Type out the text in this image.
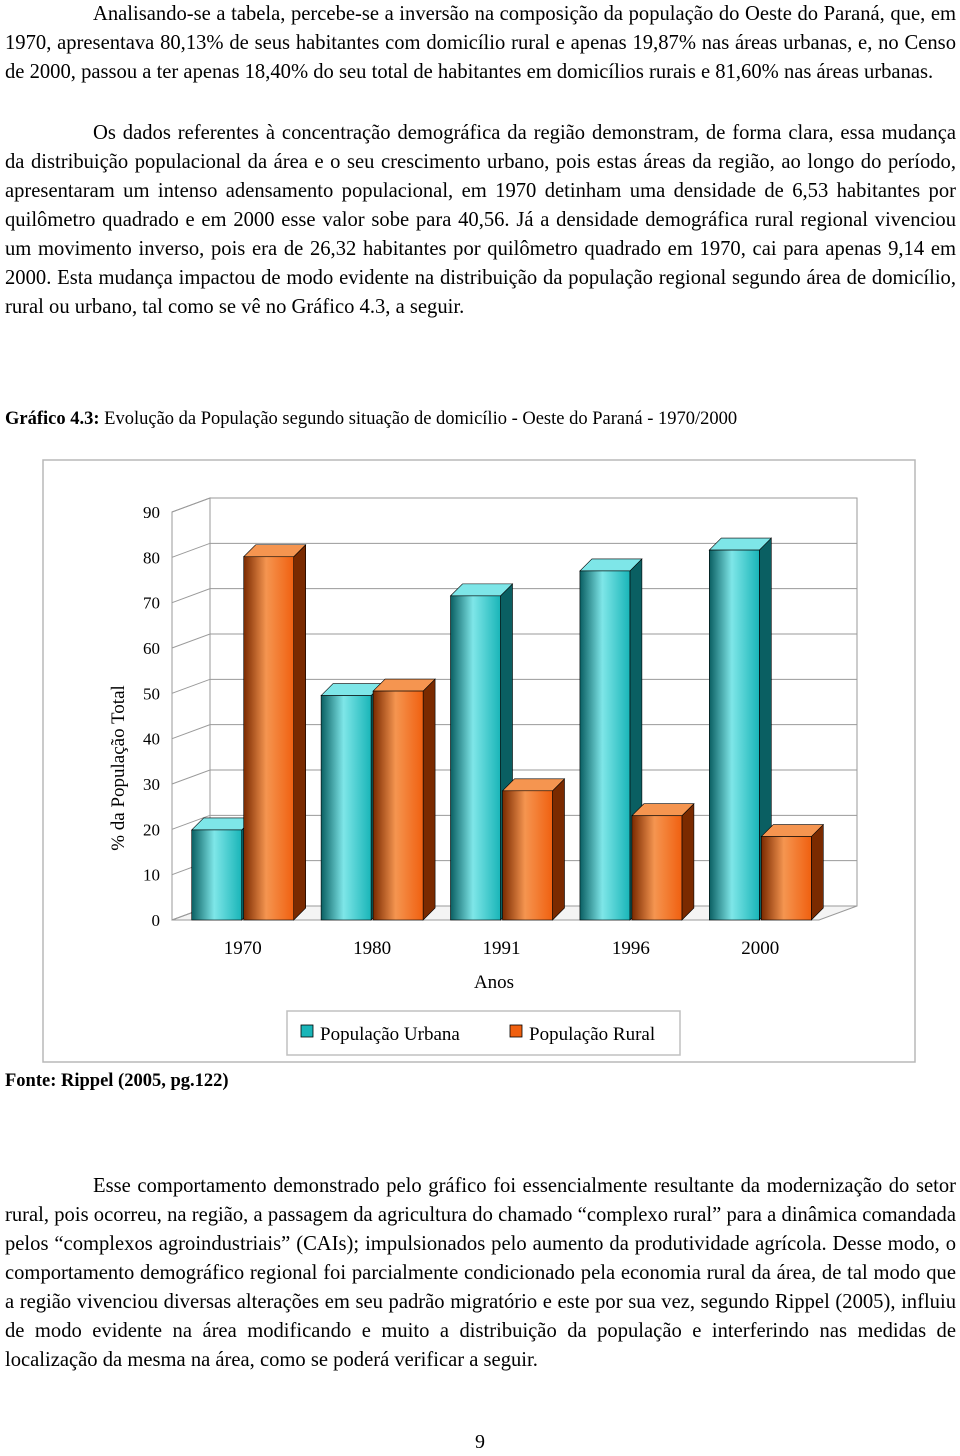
Analisando-se a tabela, percebe-se a inversão na composição da população do Oeste do Paraná, que, em 1970, apresentava 80,13% de seus habitantes com domicílio rural e apenas 19,87% nas áreas urbanas, e, no Censo de 2000, passou a ter apenas 18,40% do seu total de habitantes em domicílios rurais e 81,60% nas áreas urbanas.

Os dados referentes à concentração demográfica da região demonstram, de forma clara, essa mudança da distribuição populacional da área e o seu crescimento urbano, pois estas áreas da região, ao longo do período, apresentaram um intenso adensamento populacional, em 1970 detinham uma densidade de 6,53 habitantes por quilômetro quadrado e em 2000 esse valor sobe para 40,56. Já a densidade demográfica rural regional vivenciou um movimento inverso, pois era de 26,32 habitantes por quilômetro quadrado em 1970, cai para apenas 9,14 em 2000. Esta mudança impactou de modo evidente na distribuição da população regional segundo área de domicílio, rural ou urbano, tal como se vê no Gráfico 4.3, a seguir.

Gráfico 4.3: Evolução da População segundo situação de domicílio - Oeste do Paraná - 1970/2000
0
10
20
30
40
50
60
70
80
90
1970	1980	1991	1996	2000
% da População Total
Anos
População Urbana	População Rural
Fonte: Rippel (2005, pg.122)

Esse comportamento demonstrado pelo gráfico foi essencialmente resultante da modernização do setor rural, pois ocorreu, na região, a passagem da agricultura do chamado “complexo rural” para a dinâmica comandada pelos “complexos agroindustriais” (CAIs); impulsionados pelo aumento da produtividade agrícola. Desse modo, o comportamento demográfico regional foi parcialmente condicionado pela economia rural da área, de tal modo que a região vivenciou diversas alterações em seu padrão migratório e este por sua vez, segundo Rippel (2005), influiu de modo evidente na área modificando e muito a distribuição da população e interferindo nas medidas de localização da mesma na área, como se poderá verificar a seguir.

9
